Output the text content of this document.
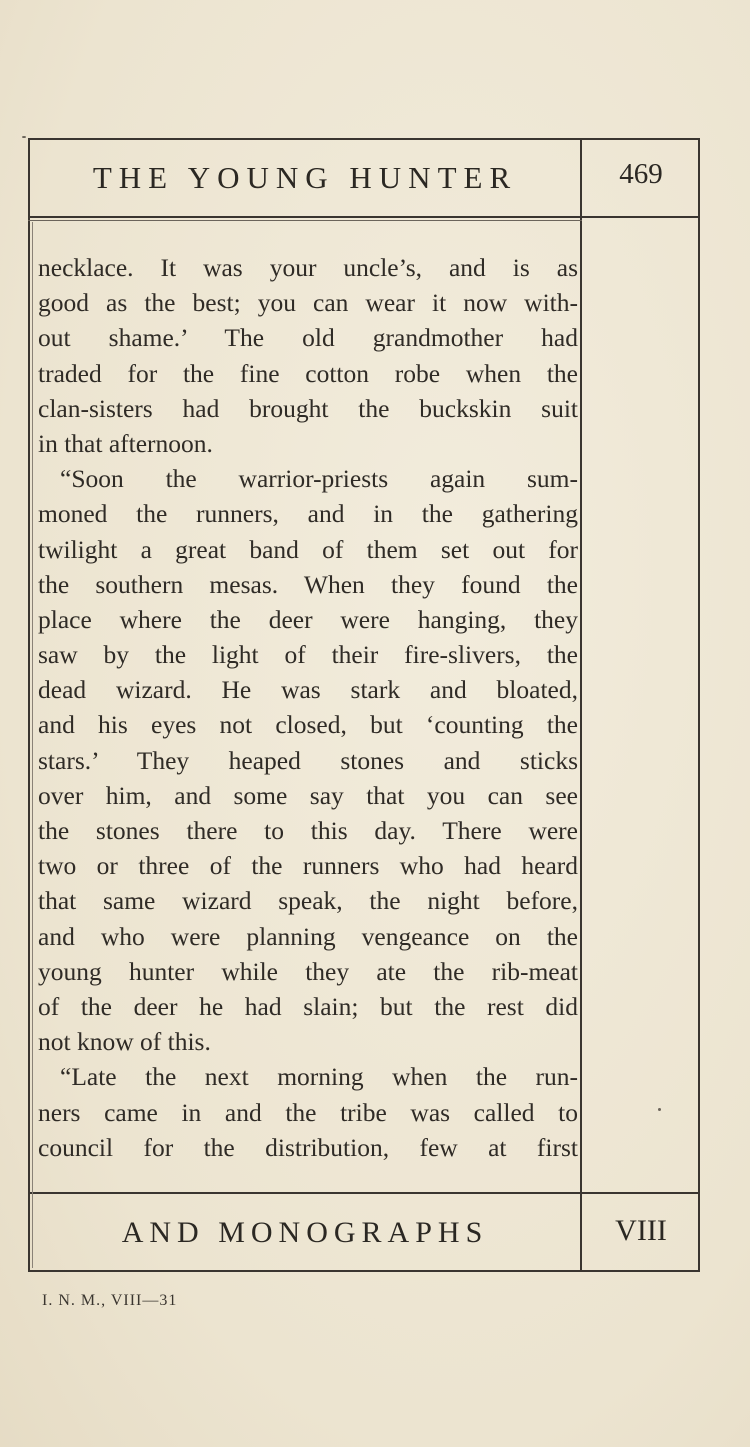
THE YOUNG HUNTER	469
necklace. It was your uncle’s, and is as
good as the best; you can wear it now with-
out shame.’ The old grandmother had
traded for the fine cotton robe when the
clan-sisters had brought the buckskin suit
in that afternoon.
“Soon the warrior-priests again sum-
moned the runners, and in the gathering
twilight a great band of them set out for
the southern mesas. When they found the
place where the deer were hanging, they
saw by the light of their fire-slivers, the
dead wizard. He was stark and bloated,
and his eyes not closed, but ‘counting the
stars.’ They heaped stones and sticks
over him, and some say that you can see
the stones there to this day. There were
two or three of the runners who had heard
that same wizard speak, the night before,
and who were planning vengeance on the
young hunter while they ate the rib-meat
of the deer he had slain; but the rest did
not know of this.
“Late the next morning when the run-
ners came in and the tribe was called to
council for the distribution, few at first
AND MONOGRAPHS	VIII
I. N. M., VIII—31
